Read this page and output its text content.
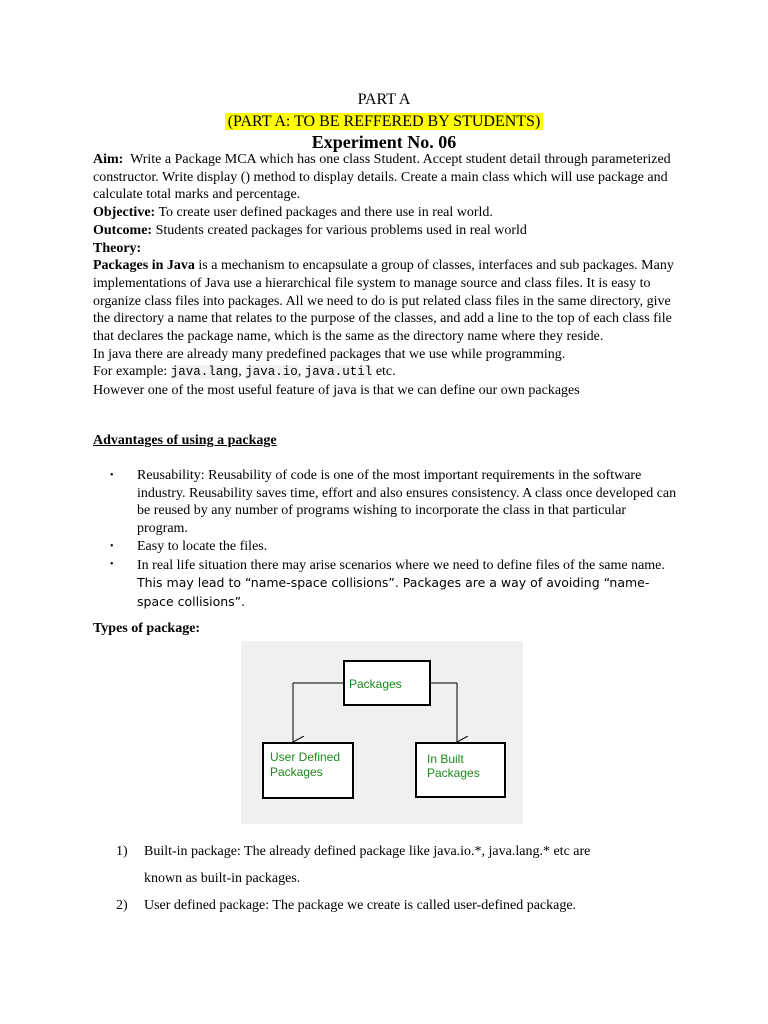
PART A
(PART A: TO BE REFFERED BY STUDENTS)
Experiment No. 06

Aim: Write a Package MCA which has one class Student. Accept student detail through parameterized constructor. Write display () method to display details. Create a main class which will use package and calculate total marks and percentage.

Objective: To create user defined packages and there use in real world.

Outcome: Students created packages for various problems used in real world

Theory:

Packages in Java is a mechanism to encapsulate a group of classes, interfaces and sub packages. Many implementations of Java use a hierarchical file system to manage source and class files. It is easy to organize class files into packages. All we need to do is put related class files in the same directory, give the directory a name that relates to the purpose of the classes, and add a line to the top of each class file that declares the package name, which is the same as the directory name where they reside.

In java there are already many predefined packages that we use while programming.

For example: java.lang, java.io, java.util etc.

However one of the most useful feature of java is that we can define our own packages

Advantages of using a package
• Reusability: Reusability of code is one of the most important requirements in the software industry. Reusability saves time, effort and also ensures consistency. A class once developed can be reused by any number of programs wishing to incorporate the class in that particular program.
• Easy to locate the files.
• In real life situation there may arise scenarios where we need to define files of the same name. This may lead to “name-space collisions”. Packages are a way of avoiding “name-space collisions”.
Types of package:
Packages
User Defined
Packages
In Built
Packages
1) Built-in package: The already defined package like java.io.*, java.lang.* etc are
known as built-in packages.
2) User defined package: The package we create is called user-defined package.
